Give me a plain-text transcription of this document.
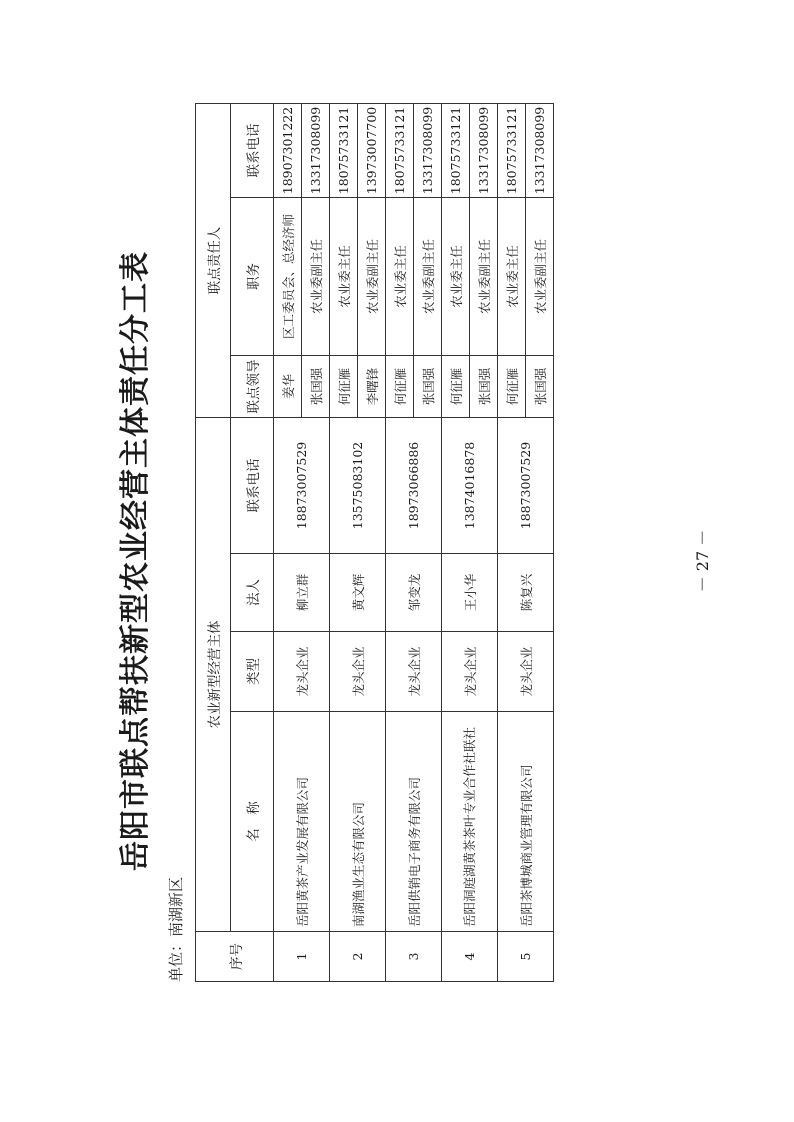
岳阳市联点帮扶新型农业经营主体责任分工表
单位：南湖新区	序号	农业新型经营主体				联点责任人		
	名　称	类型	法人	联系电话	联点领导	职务	联系电话
1	岳阳黄茶产业发展有限公司	龙头企业	柳立群	18873007529	姜华	区工委员会、总经济师	18907301222
					张国强	农业委副主任	13317308099
2	南湖渔业生态有限公司	龙头企业	黄文辉	13575083102	何征雁	农业委主任	18075733121
					李曙锋	农业委副主任	13973007700
3	岳阳供销电子商务有限公司	龙头企业	邹变龙	18973066886	何征雁	农业委主任	18075733121
					张国强	农业委副主任	13317308099
4	岳阳洞庭湖黄茶茶叶专业合作社联社	龙头企业	王小华	13874016878	何征雁	农业委主任	18075733121
					张国强	农业委副主任	13317308099
5	岳阳茶博城商业管理有限公司	龙头企业	陈复兴	18873007529	何征雁	农业委主任	18075733121
					张国强	农业委副主任	13317308099
－ 27 －
